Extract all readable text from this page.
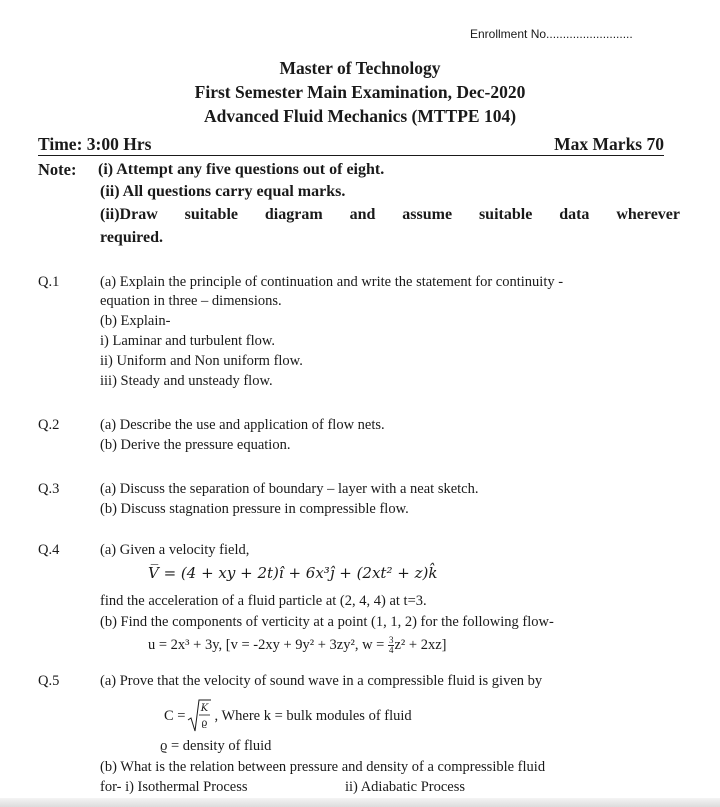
Enrollment No..........................
Master of Technology
First Semester Main Examination, Dec-2020
Advanced Fluid Mechanics (MTTPE 104)
Time: 3:00 Hrs	Max Marks 70
Note: (i) Attempt any five questions out of eight.
(ii) All questions carry equal marks.
(ii)Draw suitable diagram and assume suitable data wherever
required.
Q.1	(a) Explain the principle of continuation and write the statement for continuity -
equation in three – dimensions.
(b) Explain-
i) Laminar and turbulent flow.
ii) Uniform and Non uniform flow.
iii) Steady and unsteady flow.
Q.2	(a) Describe the use and application of flow nets.
(b) Derive the pressure equation.
Q.3	(a) Discuss the separation of boundary – layer with a neat sketch.
(b) Discuss stagnation pressure in compressible flow.
Q.4	(a) Given a velocity field,
V̅ = (4 + xy + 2t)î + 6x³ĵ + (2xt² + z)k̂
find the acceleration of a fluid particle at (2, 4, 4) at t=3.
(b) Find the components of verticity at a point (1, 1, 2) for the following flow-
u = 2x³ + 3y, [v = -2xy + 9y² + 3zy², $w = \frac{3}{4} z^2 + 2xz$]
Q.5	(a) Prove that the velocity of sound wave in a compressible fluid is given by
C = K
ϱ , Where k = bulk modules of fluid
ϱ = density of fluid
(b) What is the relation between pressure and density of a compressible fluid
for- i) Isothermal Process	ii) Adiabatic Process
